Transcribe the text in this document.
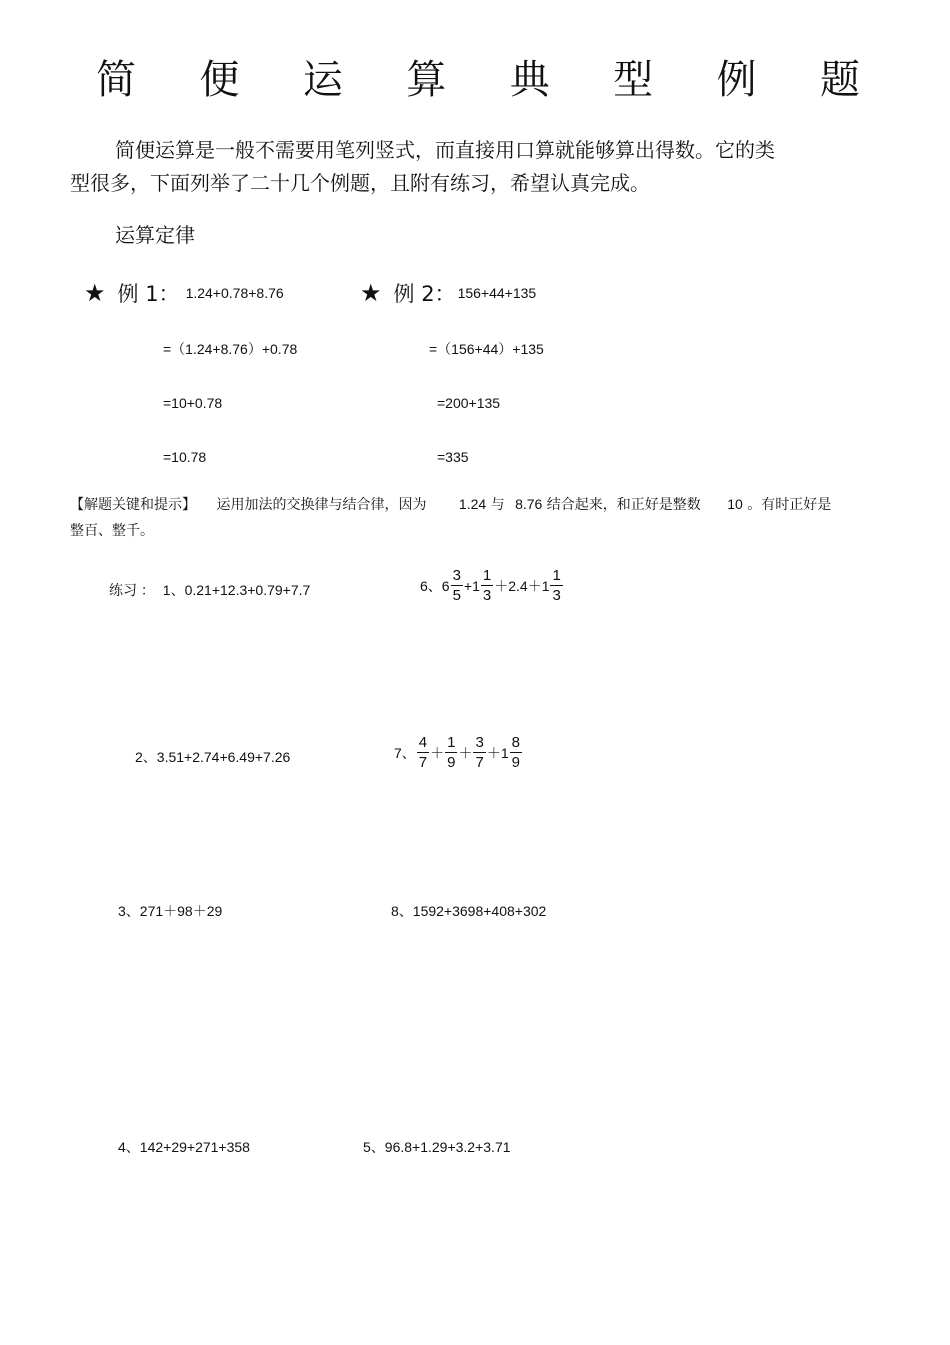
简 便 运 算 典 型 例 题
简便运算是一般不需要用笔列竖式，而直接用口算就能够算出得数。它的类
型很多，下面列举了二十几个例题，且附有练习，希望认真完成。
运算定律
★ 例 1： 1.24+0.78+8.76
=（1.24+8.76）+0.78
=10+0.78
=10.78
★ 例 2： 156+44+135
=（156+44）+135
=200+135
=335
【解题关键和提示】 运用加法的交换律与结合律，因为 1.24 与 8.76 结合起来，和正好是整数 10 。有时正好是
整百、整千。
练习 ： 1、0.21+12.3+0.79+7.7	6、$6 \frac{3}{5} +1 \frac{1}{3} +2.4+1 \frac{1}{3}$
2、3.51+2.74+6.49+7.26	7、 $\frac{4}{7} + \frac{1}{9} + \frac{3}{7} +1 \frac{8}{9}$
3、271＋98＋29	8、1592+3698+408+302
4、142+29+271+358	5、96.8+1.29+3.2+3.71
